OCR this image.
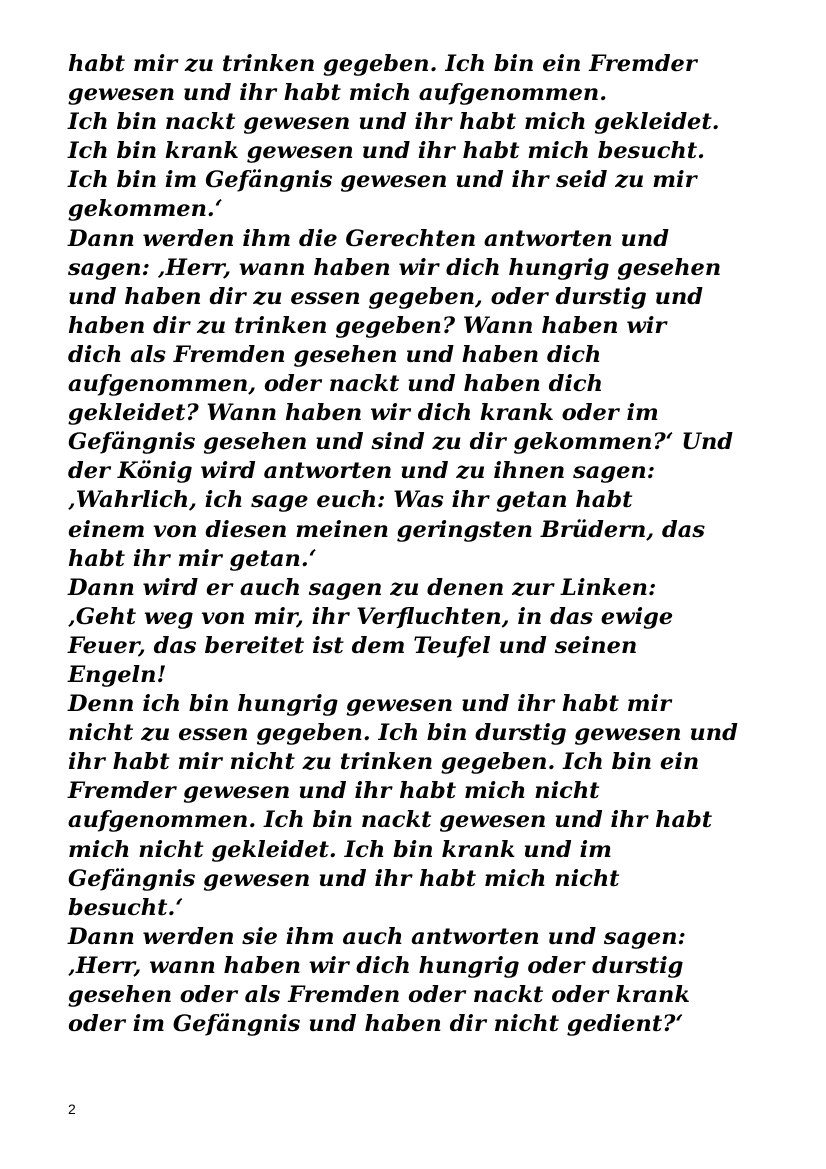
habt mir zu trinken gegeben. Ich bin ein Fremder
gewesen und ihr habt mich aufgenommen.
Ich bin nackt gewesen und ihr habt mich gekleidet.
Ich bin krank gewesen und ihr habt mich besucht.
Ich bin im Gefängnis gewesen und ihr seid zu mir
gekommen.‘
Dann werden ihm die Gerechten antworten und
sagen: ‚Herr, wann haben wir dich hungrig gesehen
und haben dir zu essen gegeben, oder durstig und
haben dir zu trinken gegeben? Wann haben wir
dich als Fremden gesehen und haben dich
aufgenommen, oder nackt und haben dich
gekleidet? Wann haben wir dich krank oder im
Gefängnis gesehen und sind zu dir gekommen?‘ Und
der König wird antworten und zu ihnen sagen:
‚Wahrlich, ich sage euch: Was ihr getan habt
einem von diesen meinen geringsten Brüdern, das
habt ihr mir getan.‘
Dann wird er auch sagen zu denen zur Linken:
‚Geht weg von mir, ihr Verfluchten, in das ewige
Feuer, das bereitet ist dem Teufel und seinen
Engeln!
Denn ich bin hungrig gewesen und ihr habt mir
nicht zu essen gegeben. Ich bin durstig gewesen und
ihr habt mir nicht zu trinken gegeben. Ich bin ein
Fremder gewesen und ihr habt mich nicht
aufgenommen. Ich bin nackt gewesen und ihr habt
mich nicht gekleidet. Ich bin krank und im
Gefängnis gewesen und ihr habt mich nicht
besucht.‘
Dann werden sie ihm auch antworten und sagen:
‚Herr, wann haben wir dich hungrig oder durstig
gesehen oder als Fremden oder nackt oder krank
oder im Gefängnis und haben dir nicht gedient?‘
2
